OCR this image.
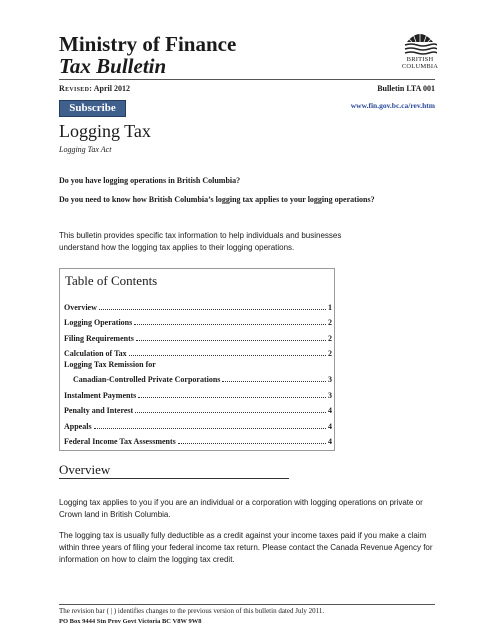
Ministry of Finance
Tax Bulletin	BRITISH
COLUMBIA
Revised: April 2012	Bulletin LTA 001
Subscribe	www.fin.gov.bc.ca/rev.htm
Logging Tax
Logging Tax Act
Do you have logging operations in British Columbia?
Do you need to know how British Columbia’s logging tax applies to your logging operations?
This bulletin provides specific tax information to help individuals and businesses understand how the logging tax applies to their logging operations.
Table of Contents
Overview	1
Logging Operations	2
Filing Requirements	2
Calculation of Tax	2
Logging Tax Remission for
Canadian-Controlled Private Corporations	3
Instalment Payments	3
Penalty and Interest	4
Appeals	4
Federal Income Tax Assessments	4
Overview
Logging tax applies to you if you are an individual or a corporation with logging operations on private or Crown land in British Columbia.
The logging tax is usually fully deductible as a credit against your income taxes paid if you make a claim within three years of filing your federal income tax return. Please contact the Canada Revenue Agency for information on how to claim the logging tax credit.
The revision bar ( | ) identifies changes to the previous version of this bulletin dated July 2011.
PO Box 9444 Stn Prov Govt Victoria BC V8W 9W8
